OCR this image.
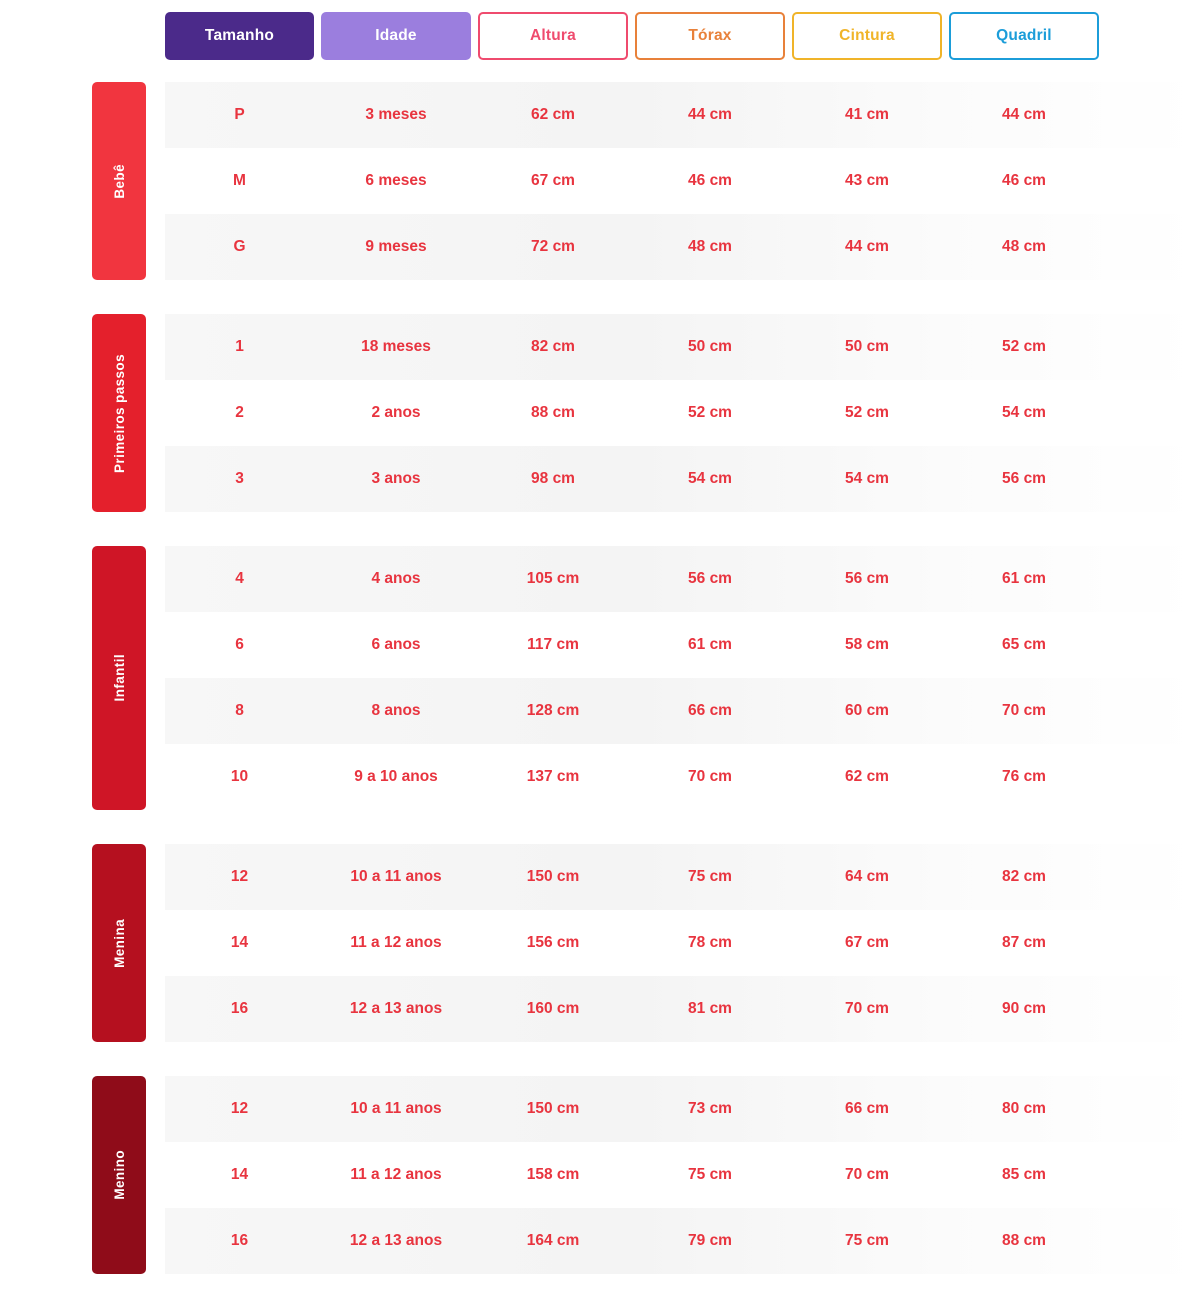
Tamanho	Idade	Altura	Tórax	Cintura	Quadril
Bebê
P	3 meses	62 cm	44 cm	41 cm	44 cm
M	6 meses	67 cm	46 cm	43 cm	46 cm
G	9 meses	72 cm	48 cm	44 cm	48 cm
Primeiros passos
1	18 meses	82 cm	50 cm	50 cm	52 cm
2	2 anos	88 cm	52 cm	52 cm	54 cm
3	3 anos	98 cm	54 cm	54 cm	56 cm
Infantil
4	4 anos	105 cm	56 cm	56 cm	61 cm
6	6 anos	117 cm	61 cm	58 cm	65 cm
8	8 anos	128 cm	66 cm	60 cm	70 cm
10	9 a 10 anos	137 cm	70 cm	62 cm	76 cm
Menina
12	10 a 11 anos	150 cm	75 cm	64 cm	82 cm
14	11 a 12 anos	156 cm	78 cm	67 cm	87 cm
16	12 a 13 anos	160 cm	81 cm	70 cm	90 cm
Menino
12	10 a 11 anos	150 cm	73 cm	66 cm	80 cm
14	11 a 12 anos	158 cm	75 cm	70 cm	85 cm
16	12 a 13 anos	164 cm	79 cm	75 cm	88 cm
